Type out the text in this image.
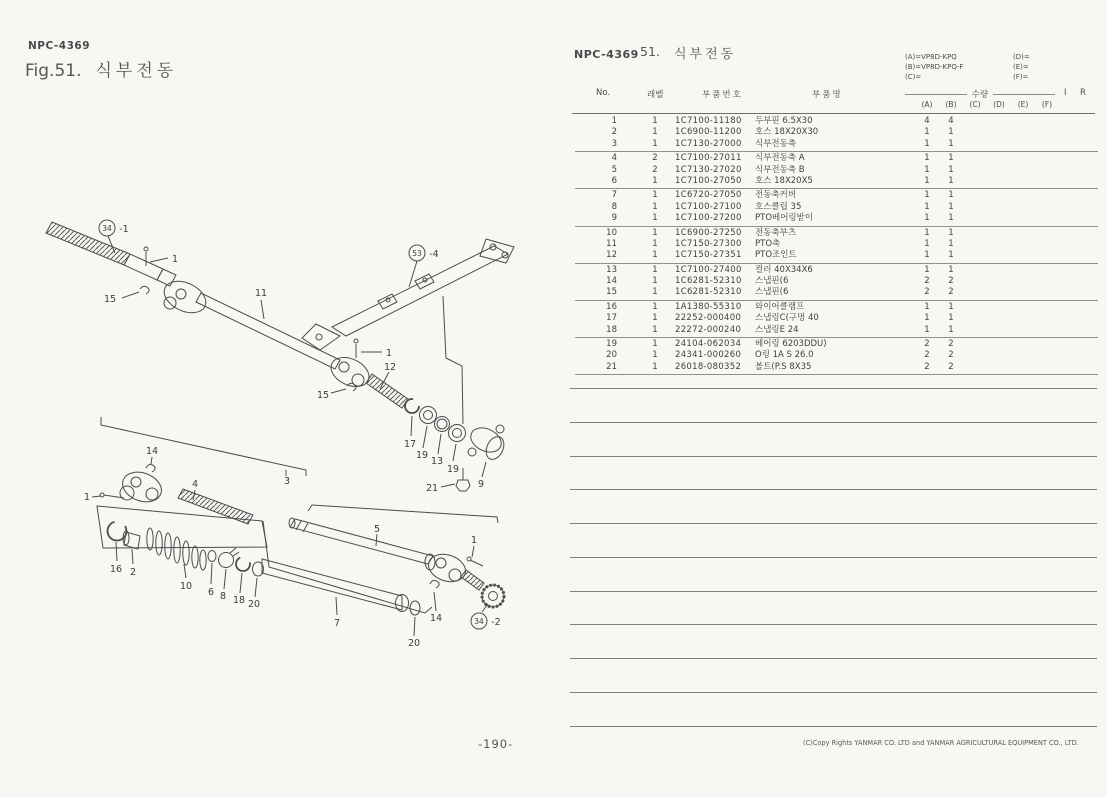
NPC-4369
Fig.51. 식부전동
NPC-4369 51. 식부전동	(A)=VP8D-KPQ	(D)=
(B)=VP8D-KPQ-F	(E)=
(C)=	(F)=
No.	레벨	부품번호	부품명	수량	I R
(A)	(B)	(C)	(D)	(E)	(F)
1	1	1C7100-11180	두부핀 6.5X30	4	4
2	1	1C6900-11200	호스 18X20X30	1	1
3	1	1C7130-27000	식부전동축	1	1
4	2	1C7100-27011	식부전동축 A	1	1
5	2	1C7130-27020	식부전동축 B	1	1
6	1	1C7100-27050	호스 18X20X5	1	1
7	1	1C6720-27050	전동축커버	1	1
8	1	1C7100-27100	호스클립 35	1	1
9	1	1C7100-27200	PTO베어링받이	1	1
10	1	1C6900-27250	전동축부츠	1	1
11	1	1C7150-27300	PTO축	1	1
12	1	1C7150-27351	PTO조인트	1	1
13	1	1C7100-27400	컬러 40X34X6	1	1
14	1	1C6281-52310	스냅핀(6	2	2
15	1	1C6281-52310	스냅핀(6	2	2
16	1	1A1380-55310	와이어클램프	1	1
17	1	22252-000400	스냅링C(구멍 40	1	1
18	1	22272-000240	스냅링E 24	1	1
19	1	24104-062034	베어링 6203DDU)	2	2
20	1	24341-000260	O링 1A S 26.0	2	2
21	1	26018-080352	볼트(P.S 8X35	2	2
-190-	(C)Copy Rights YANMAR CO. LTD and YANMAR AGRICULTURAL EQUIPMENT CO., LTD.
34 -1
1
15
11
53 -4
1
12
15
17
19
13
19
21	9
3
14
1
4
16 2
10
6 8 18 20
5
7
20
1
14	34 -2
